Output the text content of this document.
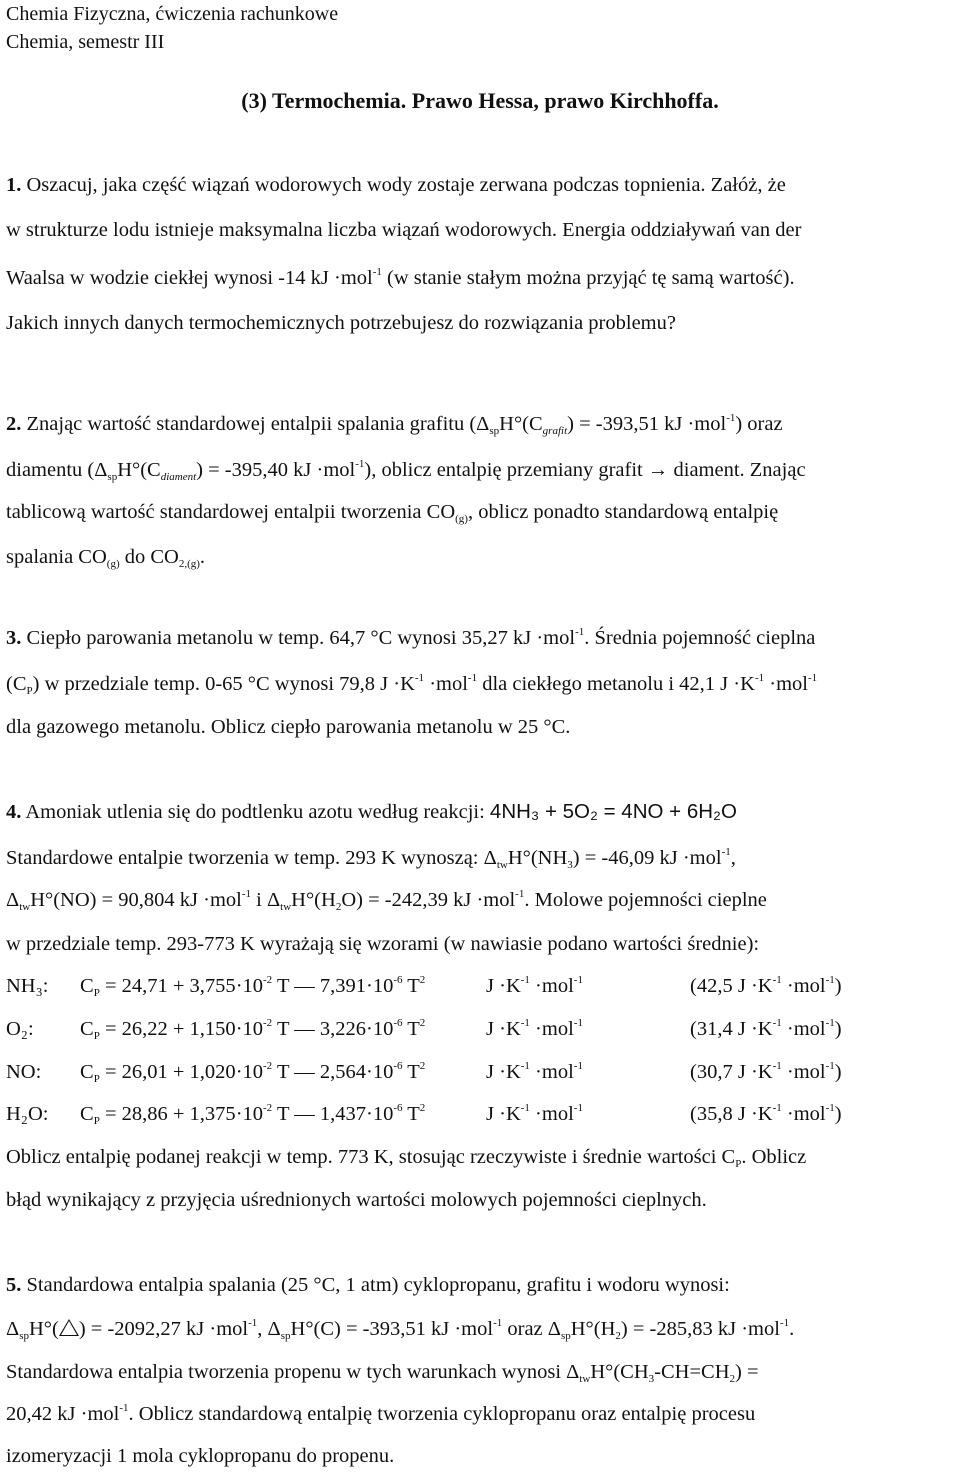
Chemia Fizyczna, ćwiczenia rachunkowe
Chemia, semestr III
(3) Termochemia. Prawo Hessa, prawo Kirchhoffa.
1. Oszacuj, jaka część wiązań wodorowych wody zostaje zerwana podczas topnienia. Załóż, że
w strukturze lodu istnieje maksymalna liczba wiązań wodorowych. Energia oddziaływań van der
Waalsa w wodzie ciekłej wynosi -14 kJ ·mol$^{-1}$ (w stanie stałym można przyjąć tę samą wartość).
Jakich innych danych termochemicznych potrzebujesz do rozwiązania problemu?
2. Znając wartość standardowej entalpii spalania grafitu ($\Delta_{sp}H^\circ(C_{grafit}) = -393,51$ kJ ·mol$^{-1}$) oraz
diamentu ($\Delta_{sp}H^\circ(C_{diament}) = -395,40$ kJ ·mol$^{-1}$), oblicz entalpię przemiany grafit → diament. Znając
tablicową wartość standardowej entalpii tworzenia $CO_{(g)}$, oblicz ponadto standardową entalpię
spalania $CO_{(g)}$ do $CO_{2,(g)}$.
3. Ciepło parowania metanolu w temp. 64,7 °C wynosi 35,27 kJ ·mol$^{-1}$. Średnia pojemność cieplna
$(C_P)$ w przedziale temp. 0-65 °C wynosi 79,8 $J \cdot K^{-1} \cdot mol^{-1}$ dla ciekłego metanolu i 42,1 $J \cdot K^{-1} \cdot mol^{-1}$
dla gazowego metanolu. Oblicz ciepło parowania metanolu w 25 °C.
4. Amoniak utlenia się do podtlenku azotu według reakcji: 4NH₃ + 5O₂ = 4NO + 6H₂O
Standardowe entalpie tworzenia w temp. 293 K wynoszą: $\Delta_{tw}H^\circ(NH_3) = -46,09$ kJ ·mol$^{-1}$,
$\Delta_{tw}H^\circ(NO) = 90,804$ kJ ·mol$^{-1}$ i $\Delta_{tw}H^\circ(H_2O) = -242,39$ kJ ·mol$^{-1}$. Molowe pojemności cieplne
w przedziale temp. 293-773 K wyrażają się wzorami (w nawiasie podano wartości średnie):
NH₃: $C_P = 24,71 + 3,755\cdot 10^{-2}$ T — $7,391\cdot 10^{-6}$ $T^2$	$J \cdot K^{-1} \cdot mol^{-1}$	(42,5 $J \cdot K^{-1} \cdot mol^{-1}$)
O₂: $C_P = 26,22 + 1,150\cdot 10^{-2}$ T — $3,226\cdot 10^{-6}$ $T^2$	$J \cdot K^{-1} \cdot mol^{-1}$	(31,4 $J \cdot K^{-1} \cdot mol^{-1}$)
NO: $C_P = 26,01 + 1,020\cdot 10^{-2}$ T — $2,564\cdot 10^{-6}$ $T^2$	$J \cdot K^{-1} \cdot mol^{-1}$	(30,7 $J \cdot K^{-1} \cdot mol^{-1}$)
H₂O: $C_P = 28,86 + 1,375\cdot 10^{-2}$ T — $1,437\cdot 10^{-6}$ $T^2$	$J \cdot K^{-1} \cdot mol^{-1}$	(35,8 $J \cdot K^{-1} \cdot mol^{-1}$)
Oblicz entalpię podanej reakcji w temp. 773 K, stosując rzeczywiste i średnie wartości $C_P$. Oblicz
błąd wynikający z przyjęcia uśrednionych wartości molowych pojemności cieplnych.
5. Standardowa entalpia spalania (25 °C, 1 atm) cyklopropanu, grafitu i wodoru wynosi:
$\Delta_{sp}H^\circ$( ) = -2092,27 kJ ·mol$^{-1}$, $\Delta_{sp}H^\circ(C) = -393,51$ kJ ·mol$^{-1}$ oraz $\Delta_{sp}H^\circ(H_2) = -285,83$ kJ ·mol$^{-1}$.
Standardowa entalpia tworzenia propenu w tych warunkach wynosi $\Delta_{tw}H^\circ(CH_3-CH=CH_2)$ =
20,42 kJ ·mol$^{-1}$. Oblicz standardową entalpię tworzenia cyklopropanu oraz entalpię procesu
izomeryzacji 1 mola cyklopropanu do propenu.
